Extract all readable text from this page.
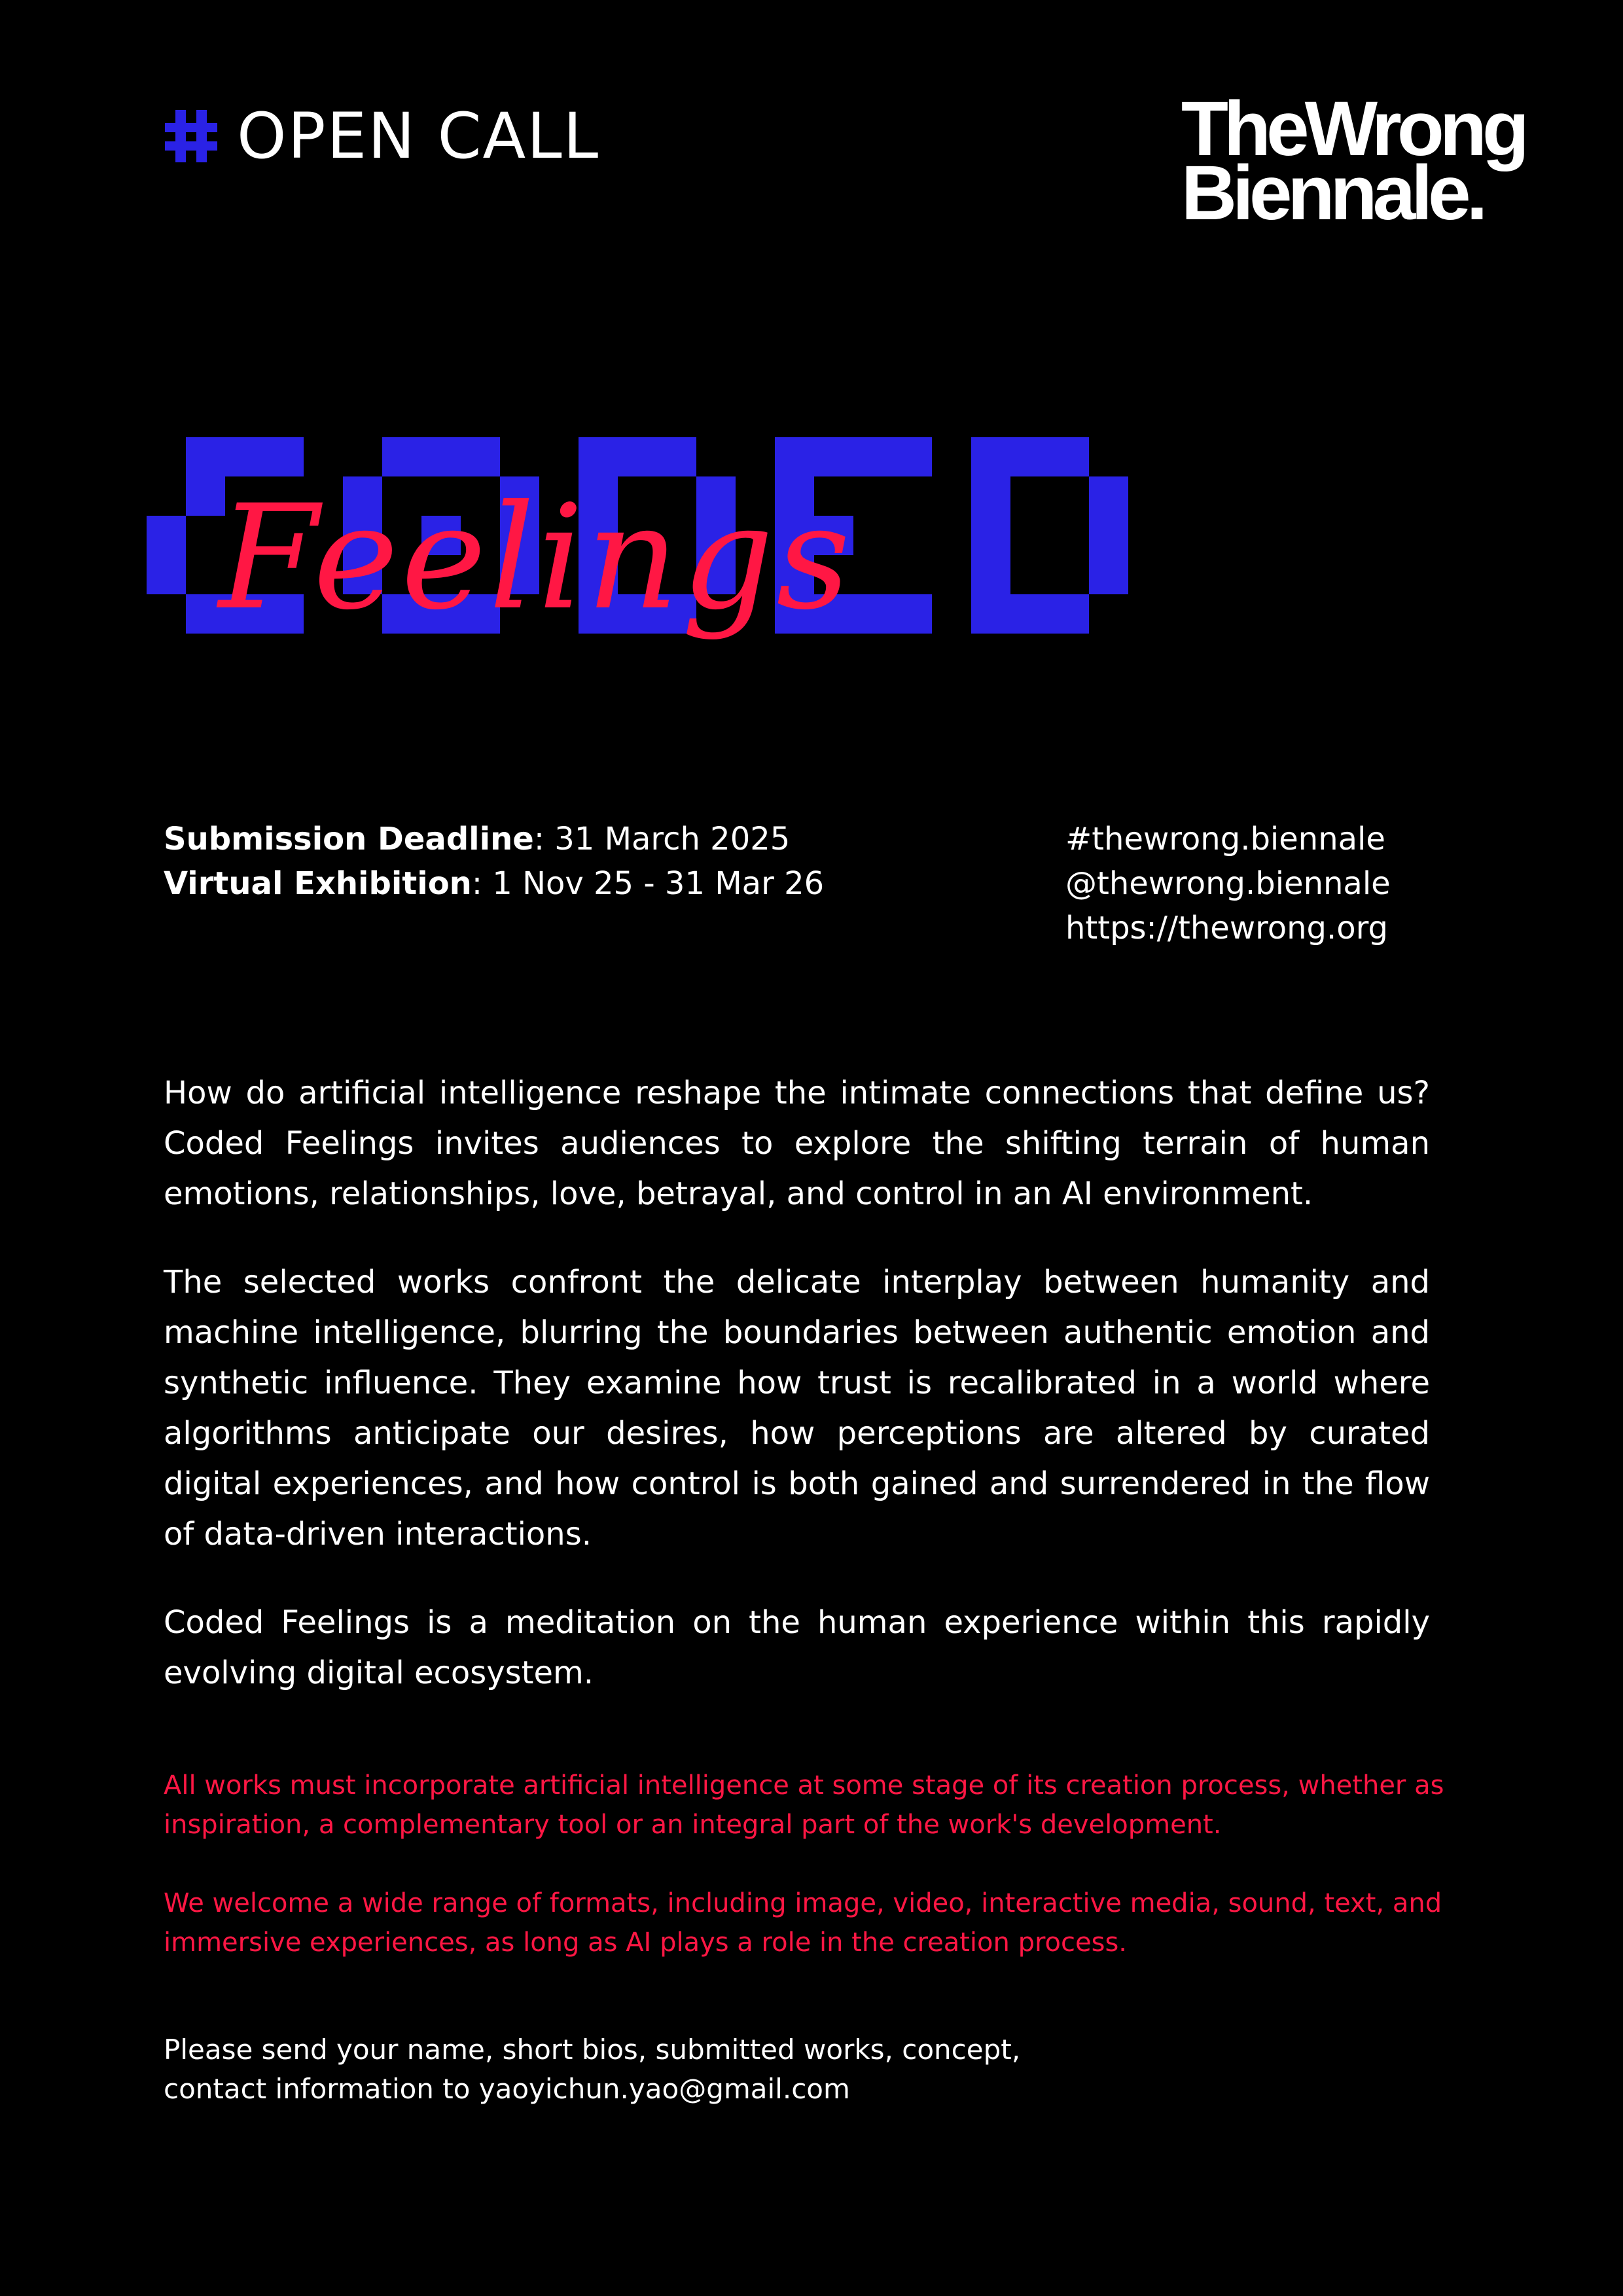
OPEN CALL	TheWrong
Biennale.
Feelings
Submission Deadline: 31 March 2025
Virtual Exhibition: 1 Nov 25 - 31 Mar 26
#thewrong.biennale
@thewrong.biennale
https://thewrong.org

How do artificial intelligence reshape the intimate connections that define us? Coded Feelings invites audiences to explore the shifting terrain of human emotions, relationships, love, betrayal, and control in an AI environment.

The selected works confront the delicate interplay between humanity and machine intelligence, blurring the boundaries between authentic emotion and synthetic influence. They examine how trust is recalibrated in a world where algorithms anticipate our desires, how perceptions are altered by curated digital experiences, and how control is both gained and surrendered in the flow of data-driven interactions.

Coded Feelings is a meditation on the human experience within this rapidly evolving digital ecosystem.

All works must incorporate artificial intelligence at some stage of its creation process, whether as inspiration, a complementary tool or an integral part of the work's development.

We welcome a wide range of formats, including image, video, interactive media, sound, text, and immersive experiences, as long as AI plays a role in the creation process.

Please send your name, short bios, submitted works, concept,
contact information to yaoyichun.yao@gmail.com
